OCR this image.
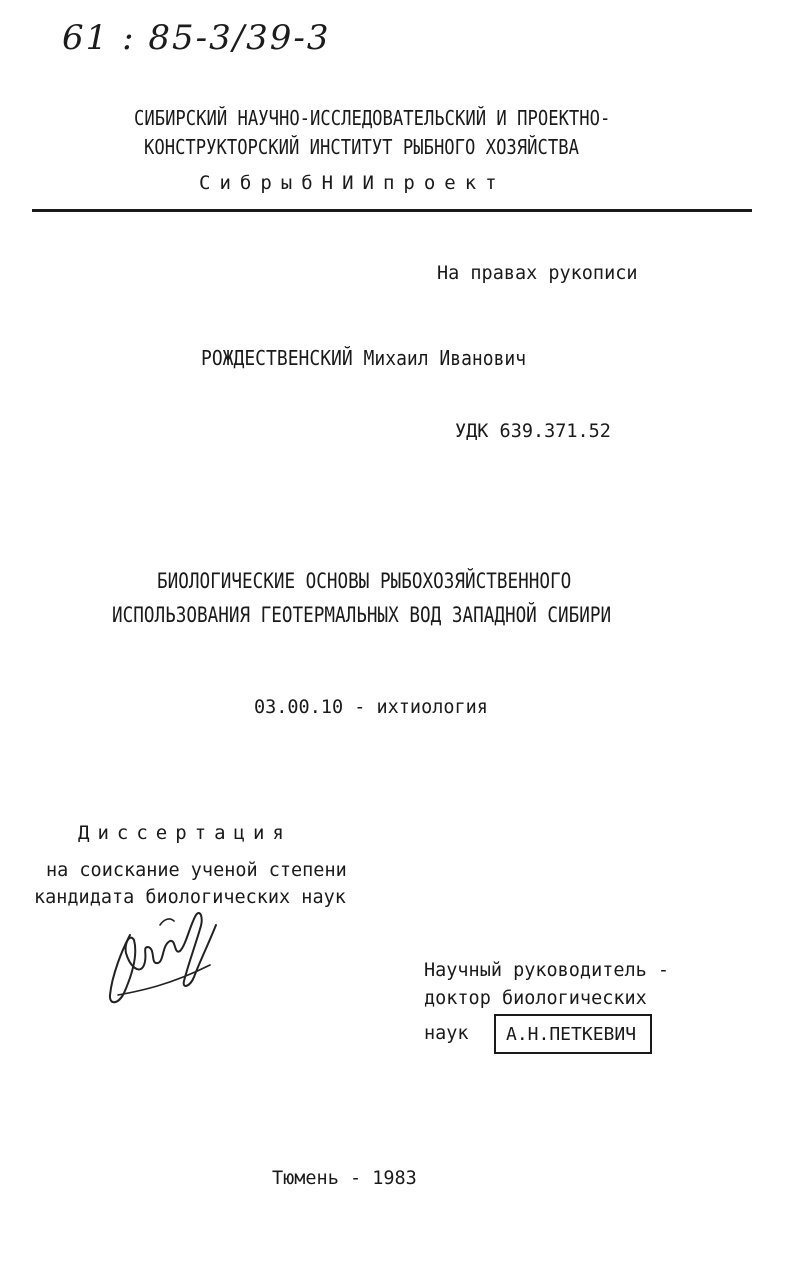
61 : 85-3/39-3
СИБИРСКИЙ НАУЧНО-ИССЛЕДОВАТЕЛЬСКИЙ И ПРОЕКТНО-
КОНСТРУКТОРСКИЙ ИНСТИТУТ РЫБНОГО ХОЗЯЙСТВА
СибрыбНИИпроект
На правах рукописи
РОЖДЕСТВЕНСКИЙ Михаил Иванович
УДК 639.371.52
БИОЛОГИЧЕСКИЕ ОСНОВЫ РЫБОХОЗЯЙСТВЕННОГО
ИСПОЛЬЗОВАНИЯ ГЕОТЕРМАЛЬНЫХ ВОД ЗАПАДНОЙ СИБИРИ
03.00.10 - ихтиология
Диссертация
на соискание ученой степени
кандидата биологических наук
Научный руководитель -
доктор биологических
наук А.Н.ПЕТКЕВИЧ
Тюмень - 1983
